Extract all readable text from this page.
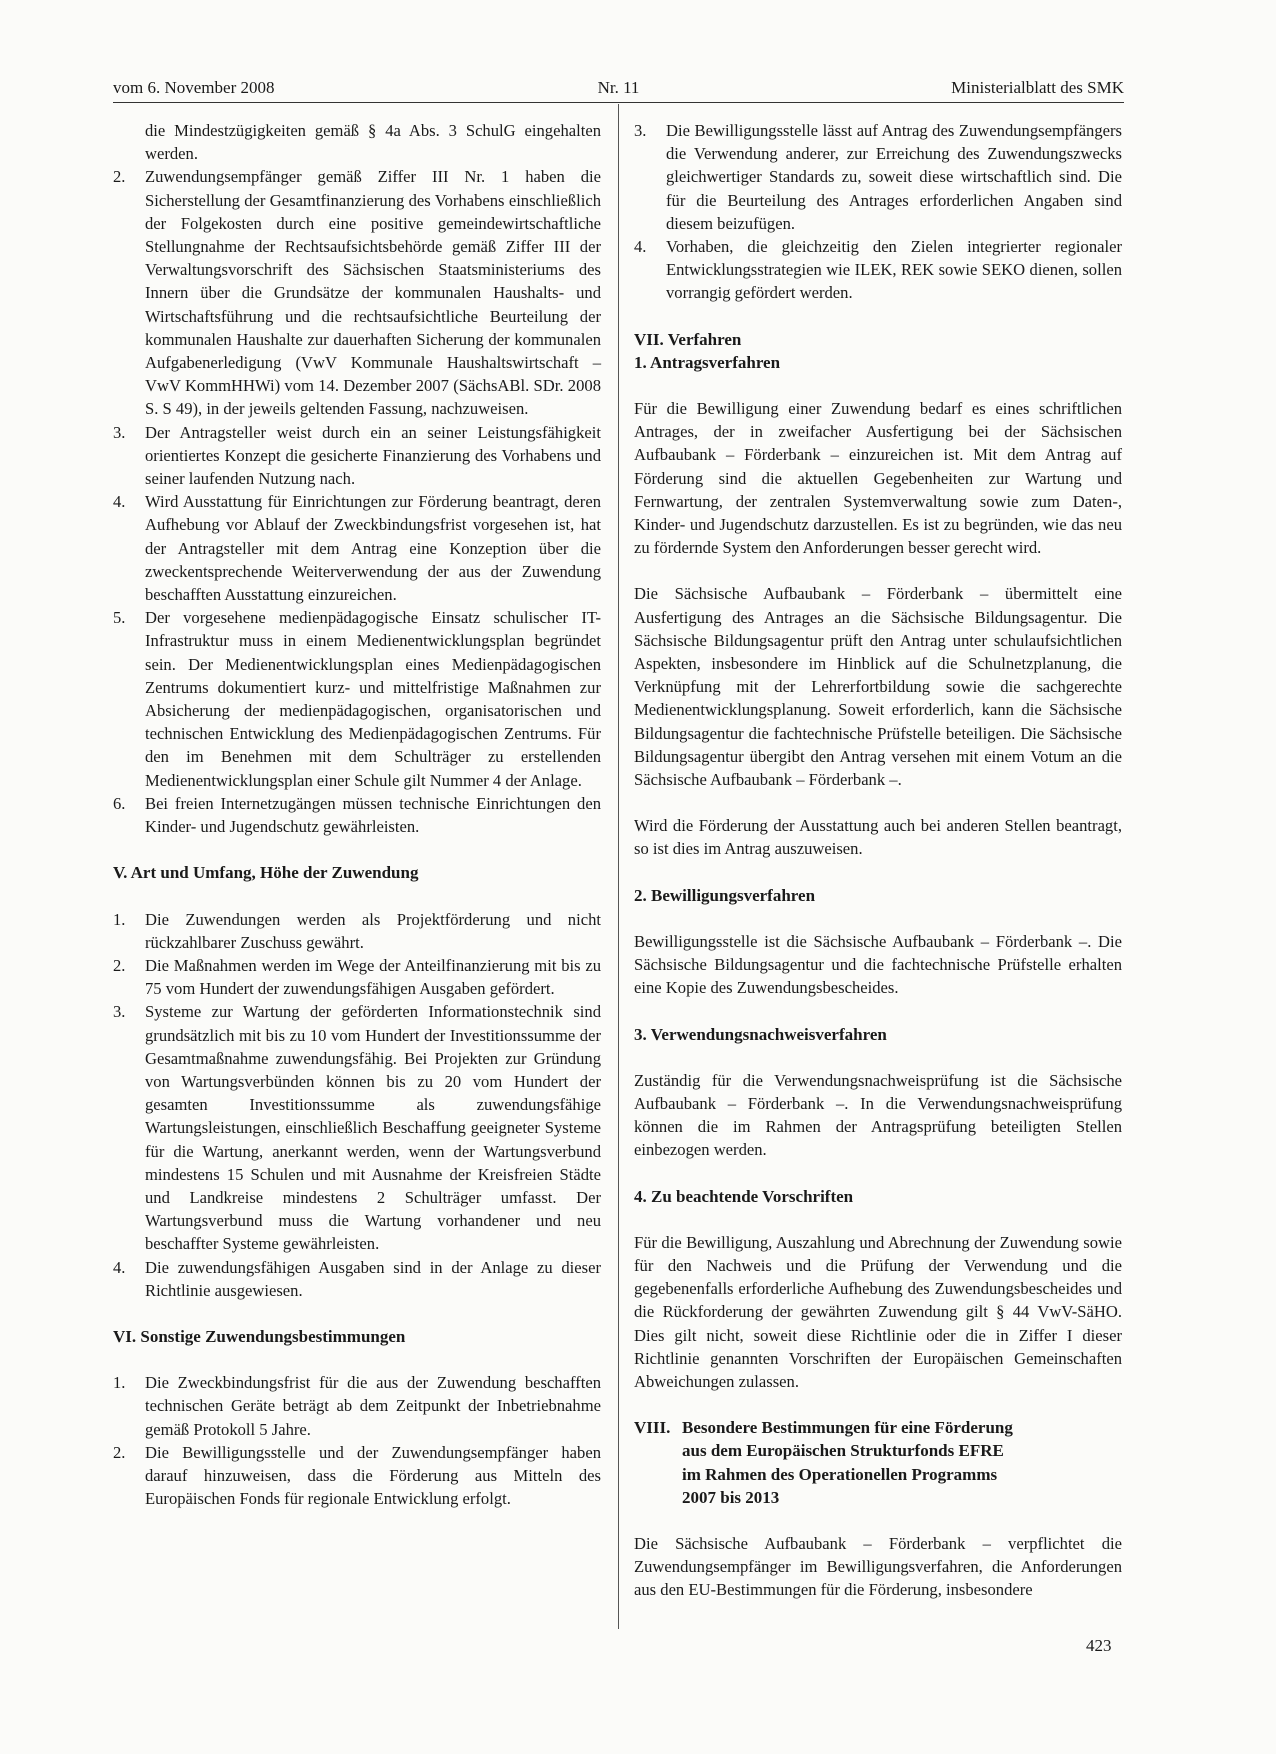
vom 6. November 2008	Nr. 11	Ministerialblatt des SMK

die Mindestzügigkeiten gemäß § 4a Abs. 3 SchulG eingehalten werden.

2.	Zuwendungsempfänger gemäß Ziffer III Nr. 1 haben die Sicherstellung der Gesamtfinanzierung des Vorhabens einschließlich der Folgekosten durch eine positive gemeindewirtschaftliche Stellungnahme der Rechtsaufsichtsbehörde gemäß Ziffer III der Verwaltungsvorschrift des Sächsischen Staatsministeriums des Innern über die Grundsätze der kommunalen Haushalts- und Wirtschaftsführung und die rechtsaufsichtliche Beurteilung der kommunalen Haushalte zur dauerhaften Sicherung der kommunalen Aufgabenerledigung (VwV Kommunale Haushaltswirtschaft – VwV KommHHWi) vom 14. Dezember 2007 (SächsABl. SDr. 2008 S. S 49), in der jeweils geltenden Fassung, nachzuweisen.
3.	Der Antragsteller weist durch ein an seiner Leistungsfähigkeit orientiertes Konzept die gesicherte Finanzierung des Vorhabens und seiner laufenden Nutzung nach.
4.	Wird Ausstattung für Einrichtungen zur Förderung beantragt, deren Aufhebung vor Ablauf der Zweckbindungsfrist vorgesehen ist, hat der Antragsteller mit dem Antrag eine Konzeption über die zweckentsprechende Weiterverwendung der aus der Zuwendung beschafften Ausstattung einzureichen.
5.	Der vorgesehene medienpädagogische Einsatz schulischer IT-Infrastruktur muss in einem Medienentwicklungsplan begründet sein. Der Medienentwicklungsplan eines Medienpädagogischen Zentrums dokumentiert kurz- und mittelfristige Maßnahmen zur Absicherung der medienpädagogischen, organisatorischen und technischen Entwicklung des Medienpädagogischen Zentrums. Für den im Benehmen mit dem Schulträger zu erstellenden Medienentwicklungsplan einer Schule gilt Nummer 4 der Anlage.
6.	Bei freien Internetzugängen müssen technische Einrichtungen den Kinder- und Jugendschutz gewährleisten.
V. Art und Umfang, Höhe der Zuwendung
1.	Die Zuwendungen werden als Projektförderung und nicht rückzahlbarer Zuschuss gewährt.
2.	Die Maßnahmen werden im Wege der Anteilfinanzierung mit bis zu 75 vom Hundert der zuwendungsfähigen Ausgaben gefördert.
3.	Systeme zur Wartung der geförderten Informationstechnik sind grundsätzlich mit bis zu 10 vom Hundert der Investitionssumme der Gesamtmaßnahme zuwendungsfähig. Bei Projekten zur Gründung von Wartungsverbünden können bis zu 20 vom Hundert der gesamten Investitionssumme als zuwendungsfähige Wartungsleistungen, einschließlich Beschaffung geeigneter Systeme für die Wartung, anerkannt werden, wenn der Wartungsverbund mindestens 15 Schulen und mit Ausnahme der Kreisfreien Städte und Landkreise mindestens 2 Schulträger umfasst. Der Wartungsverbund muss die Wartung vorhandener und neu beschaffter Systeme gewährleisten.
4.	Die zuwendungsfähigen Ausgaben sind in der Anlage zu dieser Richtlinie ausgewiesen.
VI. Sonstige Zuwendungsbestimmungen
1.	Die Zweckbindungsfrist für die aus der Zuwendung beschafften technischen Geräte beträgt ab dem Zeitpunkt der Inbetriebnahme gemäß Protokoll 5 Jahre.
2.	Die Bewilligungsstelle und der Zuwendungsempfänger haben darauf hinzuweisen, dass die Förderung aus Mitteln des Europäischen Fonds für regionale Entwicklung erfolgt.
3.	Die Bewilligungsstelle lässt auf Antrag des Zuwendungsempfängers die Verwendung anderer, zur Erreichung des Zuwendungszwecks gleichwertiger Standards zu, soweit diese wirtschaftlich sind. Die für die Beurteilung des Antrages erforderlichen Angaben sind diesem beizufügen.
4.	Vorhaben, die gleichzeitig den Zielen integrierter regionaler Entwicklungsstrategien wie ILEK, REK sowie SEKO dienen, sollen vorrangig gefördert werden.
VII. Verfahren
1. Antragsverfahren

Für die Bewilligung einer Zuwendung bedarf es eines schriftlichen Antrages, der in zweifacher Ausfertigung bei der Sächsischen Aufbaubank – Förderbank – einzureichen ist. Mit dem Antrag auf Förderung sind die aktuellen Gegebenheiten zur Wartung und Fernwartung, der zentralen Systemverwaltung sowie zum Daten-, Kinder- und Jugendschutz darzustellen. Es ist zu begründen, wie das neu zu fördernde System den Anforderungen besser gerecht wird.

Die Sächsische Aufbaubank – Förderbank – übermittelt eine Ausfertigung des Antrages an die Sächsische Bildungsagentur. Die Sächsische Bildungsagentur prüft den Antrag unter schulaufsichtlichen Aspekten, insbesondere im Hinblick auf die Schulnetzplanung, die Verknüpfung mit der Lehrerfortbildung sowie die sachgerechte Medienentwicklungsplanung. Soweit erforderlich, kann die Sächsische Bildungsagentur die fachtechnische Prüfstelle beteiligen. Die Sächsische Bildungsagentur übergibt den Antrag versehen mit einem Votum an die Sächsische Aufbaubank – Förderbank –.

Wird die Förderung der Ausstattung auch bei anderen Stellen beantragt, so ist dies im Antrag auszuweisen.

2. Bewilligungsverfahren

Bewilligungsstelle ist die Sächsische Aufbaubank – Förderbank –. Die Sächsische Bildungsagentur und die fachtechnische Prüfstelle erhalten eine Kopie des Zuwendungsbescheides.

3. Verwendungsnachweisverfahren

Zuständig für die Verwendungsnachweisprüfung ist die Sächsische Aufbaubank – Förderbank –. In die Verwendungsnachweisprüfung können die im Rahmen der Antragsprüfung beteiligten Stellen einbezogen werden.

4. Zu beachtende Vorschriften

Für die Bewilligung, Auszahlung und Abrechnung der Zuwendung sowie für den Nachweis und die Prüfung der Verwendung und die gegebenenfalls erforderliche Aufhebung des Zuwendungsbescheides und die Rückforderung der gewährten Zuwendung gilt § 44 VwV-SäHO. Dies gilt nicht, soweit diese Richtlinie oder die in Ziffer I dieser Richtlinie genannten Vorschriften der Europäischen Gemeinschaften Abweichungen zulassen.

VIII. Besondere Bestimmungen für eine Förderung
aus dem Europäischen Strukturfonds EFRE
im Rahmen des Operationellen Programms
2007 bis 2013

Die Sächsische Aufbaubank – Förderbank – verpflichtet die Zuwendungsempfänger im Bewilligungsverfahren, die Anforderungen aus den EU-Bestimmungen für die Förderung, insbesondere

423
